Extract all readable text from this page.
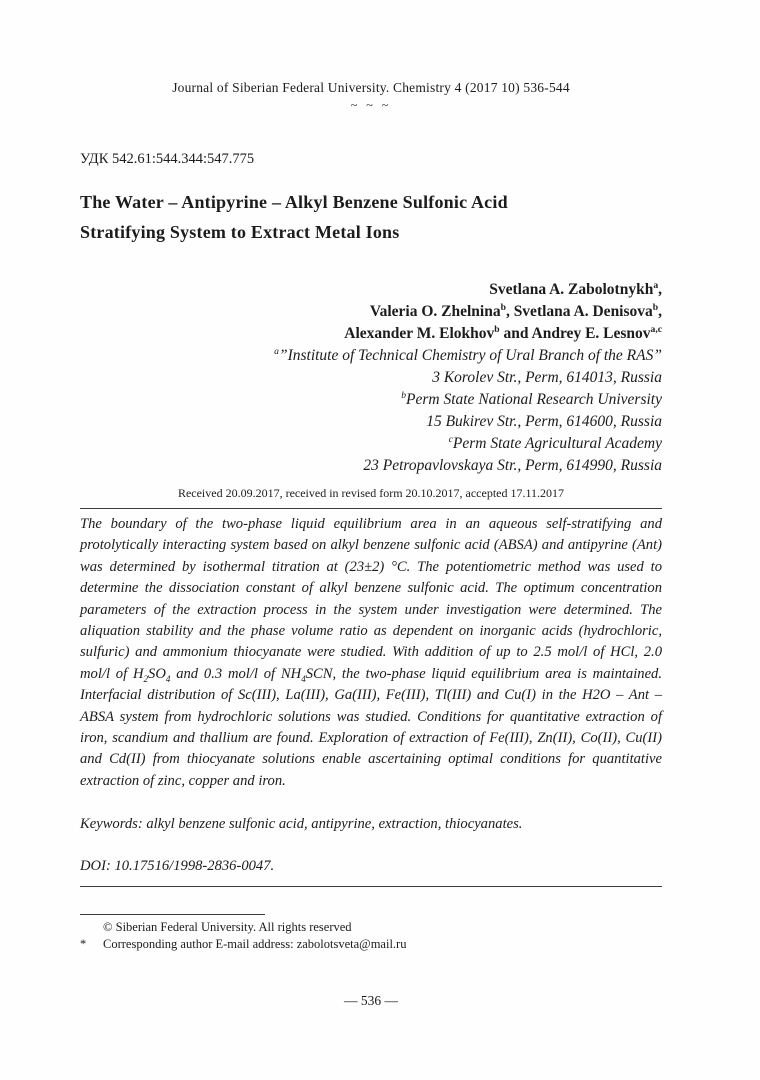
Journal of Siberian Federal University. Chemistry 4 (2017 10) 536-544
~ ~ ~
УДК 542.61:544.344:547.775
The Water – Antipyrine – Alkyl Benzene Sulfonic Acid
Stratifying System to Extract Metal Ions
Svetlana A. Zabolotnykh$^a$,
Valeria O. Zhelnina$^b$, Svetlana A. Denisova$^b$,
Alexander M. Elokhov$^b$ and Andrey E. Lesnov$^{a,c}$
$^a$”Institute of Technical Chemistry of Ural Branch of the RAS”
3 Korolev Str., Perm, 614013, Russia
$^b$Perm State National Research University
15 Bukirev Str., Perm, 614600, Russia
$^c$Perm State Agricultural Academy
23 Petropavlovskaya Str., Perm, 614990, Russia
Received 20.09.2017, received in revised form 20.10.2017, accepted 17.11.2017
The boundary of the two-phase liquid equilibrium area in an aqueous self-stratifying and protolytically interacting system based on alkyl benzene sulfonic acid (ABSA) and antipyrine (Ant) was determined by isothermal titration at (23±2) °C. The potentiometric method was used to determine the dissociation constant of alkyl benzene sulfonic acid. The optimum concentration parameters of the extraction process in the system under investigation were determined. The aliquation stability and the phase volume ratio as dependent on inorganic acids (hydrochloric, sulfuric) and ammonium thiocyanate were studied. With addition of up to 2.5 mol/l of HCl, 2.0 mol/l of $H_2SO_4$ and 0.3 mol/l of $NH_4SCN$, the two-phase liquid equilibrium area is maintained. Interfacial distribution of Sc(III), La(III), Ga(III), Fe(III), Tl(III) and Cu(I) in the H2O – Ant – ABSA system from hydrochloric solutions was studied. Conditions for quantitative extraction of iron, scandium and thallium are found. Exploration of extraction of Fe(III), Zn(II), Co(II), Cu(II) and Cd(II) from thiocyanate solutions enable ascertaining optimal conditions for quantitative extraction of zinc, copper and iron.
Keywords: alkyl benzene sulfonic acid, antipyrine, extraction, thiocyanates.
DOI: 10.17516/1998-2836-0047.
© Siberian Federal University. All rights reserved
*	Corresponding author E-mail address: zabolotsveta@mail.ru
— 536 —
